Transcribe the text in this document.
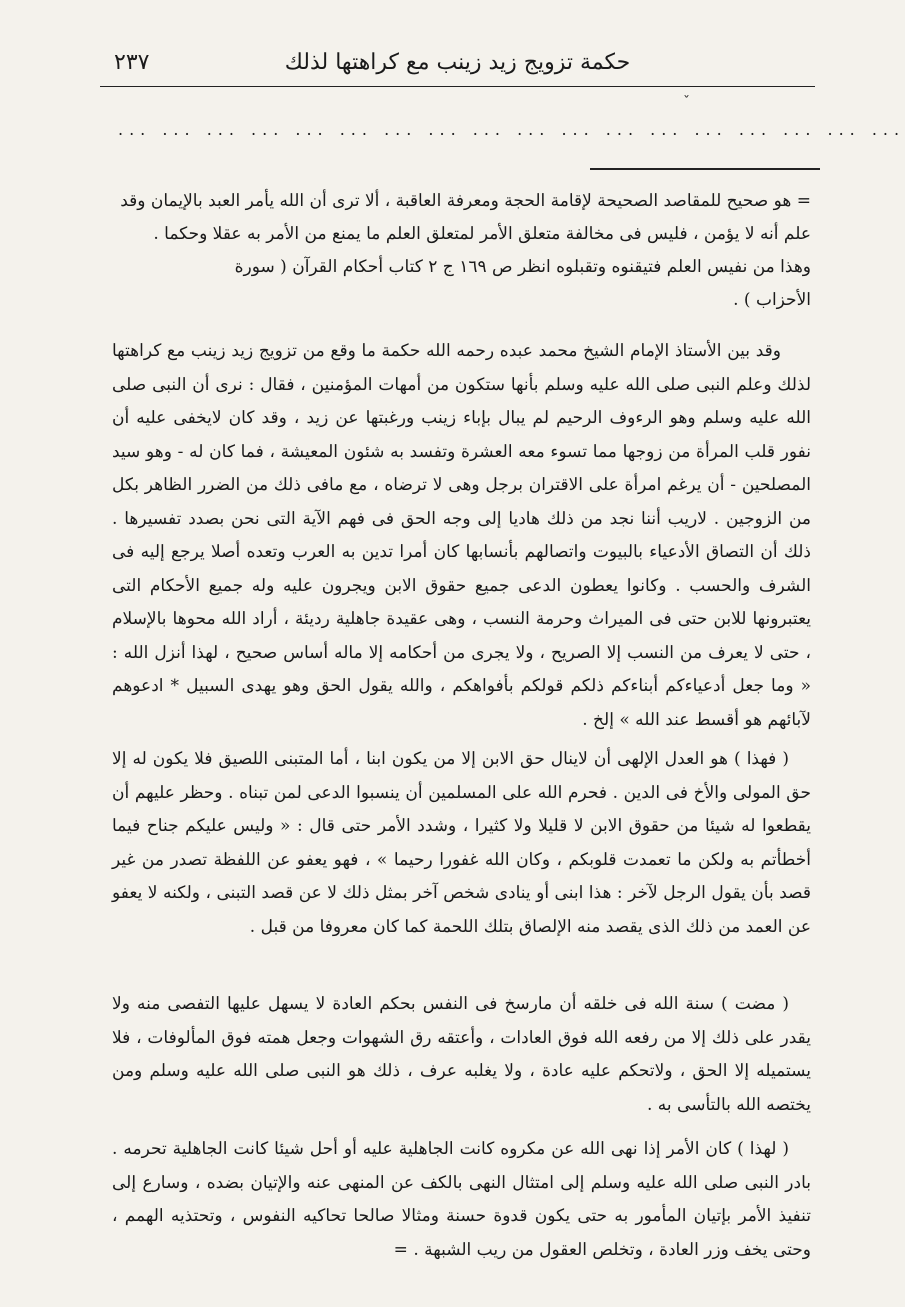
حكمة تزويج زيد زينب مع كراهتها لذلك
٢٣٧
ˇ
... ... ... ... ... ... ... ... ... ... ... ... ... ... ... ... ... ...

= هو صحيح للمقاصد الصحيحة لإقامة الحجة ومعرفة العاقبة ، ألا ترى أن الله يأمر العبد بالإيمان وقد

علم أنه لا يؤمن ، فليس فى مخالفة متعلق الأمر لمتعلق العلم ما يمنع من الأمر به عقلا وحكما .

وهذا من نفيس العلم فتيقنوه وتقبلوه انظر ص ١٦٩ ج ٢ كتاب أحكام القرآن ( سورة

الأحزاب ) .

وقد بين الأستاذ الإمام الشيخ محمد عبده رحمه الله حكمة ما وقع من تزويج زيد زينب مع كراهتها لذلك وعلم النبى صلى الله عليه وسلم بأنها ستكون من أمهات المؤمنين ، فقال : نرى أن النبى صلى الله عليه وسلم وهو الرءوف الرحيم لم يبال بإباء زينب ورغبتها عن زيد ، وقد كان لايخفى عليه أن نفور قلب المرأة من زوجها مما تسوء معه العشرة وتفسد به شئون المعيشة ، فما كان له - وهو سيد المصلحين - أن يرغم امرأة على الاقتران برجل وهى لا ترضاه ، مع مافى ذلك من الضرر الظاهر بكل من الزوجين . لاريب أننا نجد من ذلك هاديا إلى وجه الحق فى فهم الآية التى نحن بصدد تفسيرها . ذلك أن التصاق الأدعياء بالبيوت واتصالهم بأنسابها كان أمرا تدين به العرب وتعده أصلا يرجع إليه فى الشرف والحسب . وكانوا يعطون الدعى جميع حقوق الابن ويجرون عليه وله جميع الأحكام التى يعتبرونها للابن حتى فى الميراث وحرمة النسب ، وهى عقيدة جاهلية رديئة ، أراد الله محوها بالإسلام ، حتى لا يعرف من النسب إلا الصريح ، ولا يجرى من أحكامه إلا ماله أساس صحيح ، لهذا أنزل الله : « وما جعل أدعياءكم أبناءكم ذلكم قولكم بأفواهكم ، والله يقول الحق وهو يهدى السبيل * ادعوهم لآبائهم هو أقسط عند الله » إلخ .

( فهذا ) هو العدل الإلهى أن لاينال حق الابن إلا من يكون ابنا ، أما المتبنى اللصيق فلا يكون له إلا حق المولى والأخ فى الدين . فحرم الله على المسلمين أن ينسبوا الدعى لمن تبناه . وحظر عليهم أن يقطعوا له شيئا من حقوق الابن لا قليلا ولا كثيرا ، وشدد الأمر حتى قال : « وليس عليكم جناح فيما أخطأتم به ولكن ما تعمدت قلوبكم ، وكان الله غفورا رحيما » ، فهو يعفو عن اللفظة تصدر من غير قصد بأن يقول الرجل لآخر : هذا ابنى أو ينادى شخص آخر بمثل ذلك لا عن قصد التبنى ، ولكنه لا يعفو عن العمد من ذلك الذى يقصد منه الإلصاق بتلك اللحمة كما كان معروفا من قبل .

( مضت ) سنة الله فى خلقه أن مارسخ فى النفس بحكم العادة لا يسهل عليها التفصى منه ولا يقدر على ذلك إلا من رفعه الله فوق العادات ، وأعتقه رق الشهوات وجعل همته فوق المألوفات ، فلا يستميله إلا الحق ، ولاتحكم عليه عادة ، ولا يغلبه عرف ، ذلك هو النبى صلى الله عليه وسلم ومن يختصه الله بالتأسى به .

( لهذا ) كان الأمر إذا نهى الله عن مكروه كانت الجاهلية عليه أو أحل شيئا كانت الجاهلية تحرمه . بادر النبى صلى الله عليه وسلم إلى امتثال النهى بالكف عن المنهى عنه والإتيان بضده ، وسارع إلى تنفيذ الأمر بإتيان المأمور به حتى يكون قدوة حسنة ومثالا صالحا تحاكيه النفوس ، وتحتذيه الهمم ، وحتى يخف وزر العادة ، وتخلص العقول من ريب الشبهة . =
